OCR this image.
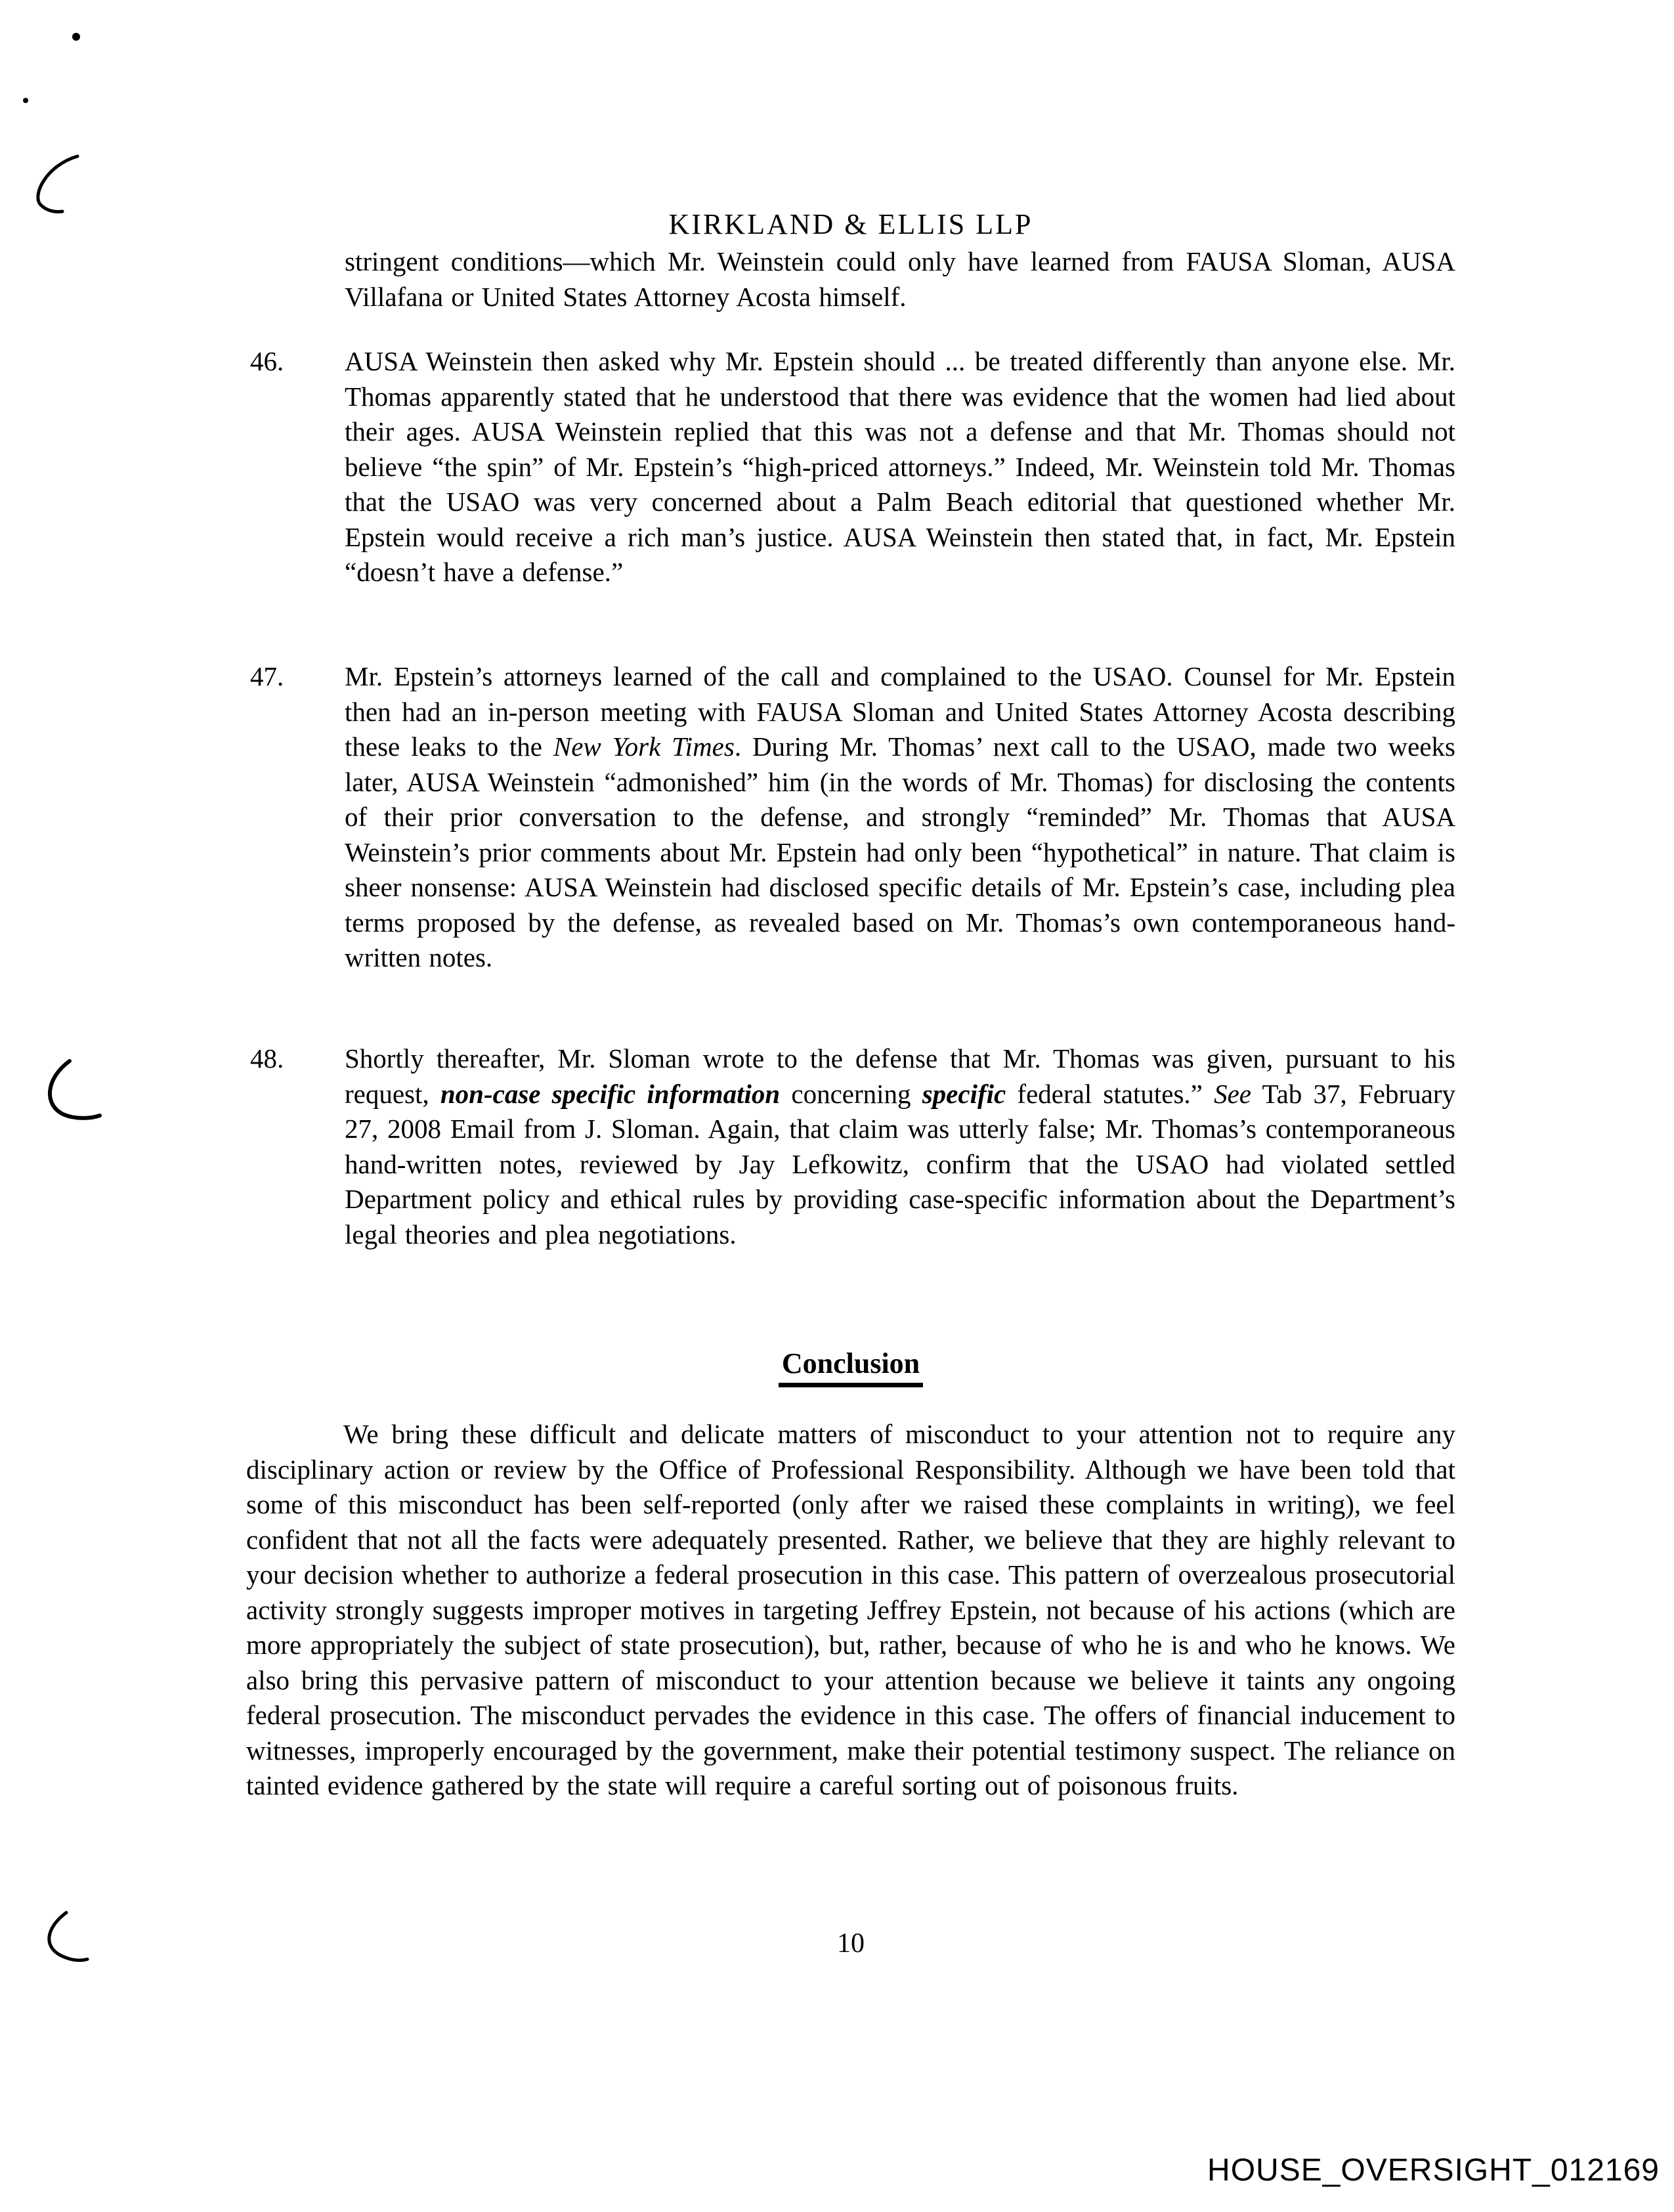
KIRKLAND & ELLIS LLP
stringent conditions—which Mr. Weinstein could only have learned from FAUSA Sloman, AUSA Villafana or United States Attorney Acosta himself.
46.	AUSA Weinstein then asked why Mr. Epstein should ... be treated differently than anyone else. Mr. Thomas apparently stated that he understood that there was evidence that the women had lied about their ages. AUSA Weinstein replied that this was not a defense and that Mr. Thomas should not believe “the spin” of Mr. Epstein’s “high-priced attorneys.” Indeed, Mr. Weinstein told Mr. Thomas that the USAO was very concerned about a Palm Beach editorial that questioned whether Mr. Epstein would receive a rich man’s justice. AUSA Weinstein then stated that, in fact, Mr. Epstein “doesn’t have a defense.”
47.	Mr. Epstein’s attorneys learned of the call and complained to the USAO. Counsel for Mr. Epstein then had an in-person meeting with FAUSA Sloman and United States Attorney Acosta describing these leaks to the New York Times. During Mr. Thomas’ next call to the USAO, made two weeks later, AUSA Weinstein “admonished” him (in the words of Mr. Thomas) for disclosing the contents of their prior conversation to the defense, and strongly “reminded” Mr. Thomas that AUSA Weinstein’s prior comments about Mr. Epstein had only been “hypothetical” in nature. That claim is sheer nonsense: AUSA Weinstein had disclosed specific details of Mr. Epstein’s case, including plea terms proposed by the defense, as revealed based on Mr. Thomas’s own contemporaneous hand-written notes.
48.	Shortly thereafter, Mr. Sloman wrote to the defense that Mr. Thomas was given, pursuant to his request, non-case specific information concerning specific federal statutes.” See Tab 37, February 27, 2008 Email from J. Sloman. Again, that claim was utterly false; Mr. Thomas’s contemporaneous hand-written notes, reviewed by Jay Lefkowitz, confirm that the USAO had violated settled Department policy and ethical rules by providing case-specific information about the Department’s legal theories and plea negotiations.
Conclusion
We bring these difficult and delicate matters of misconduct to your attention not to require any disciplinary action or review by the Office of Professional Responsibility. Although we have been told that some of this misconduct has been self-reported (only after we raised these complaints in writing), we feel confident that not all the facts were adequately presented. Rather, we believe that they are highly relevant to your decision whether to authorize a federal prosecution in this case. This pattern of overzealous prosecutorial activity strongly suggests improper motives in targeting Jeffrey Epstein, not because of his actions (which are more appropriately the subject of state prosecution), but, rather, because of who he is and who he knows. We also bring this pervasive pattern of misconduct to your attention because we believe it taints any ongoing federal prosecution. The misconduct pervades the evidence in this case. The offers of financial inducement to witnesses, improperly encouraged by the government, make their potential testimony suspect. The reliance on tainted evidence gathered by the state will require a careful sorting out of poisonous fruits.
10
HOUSE_OVERSIGHT_012169
